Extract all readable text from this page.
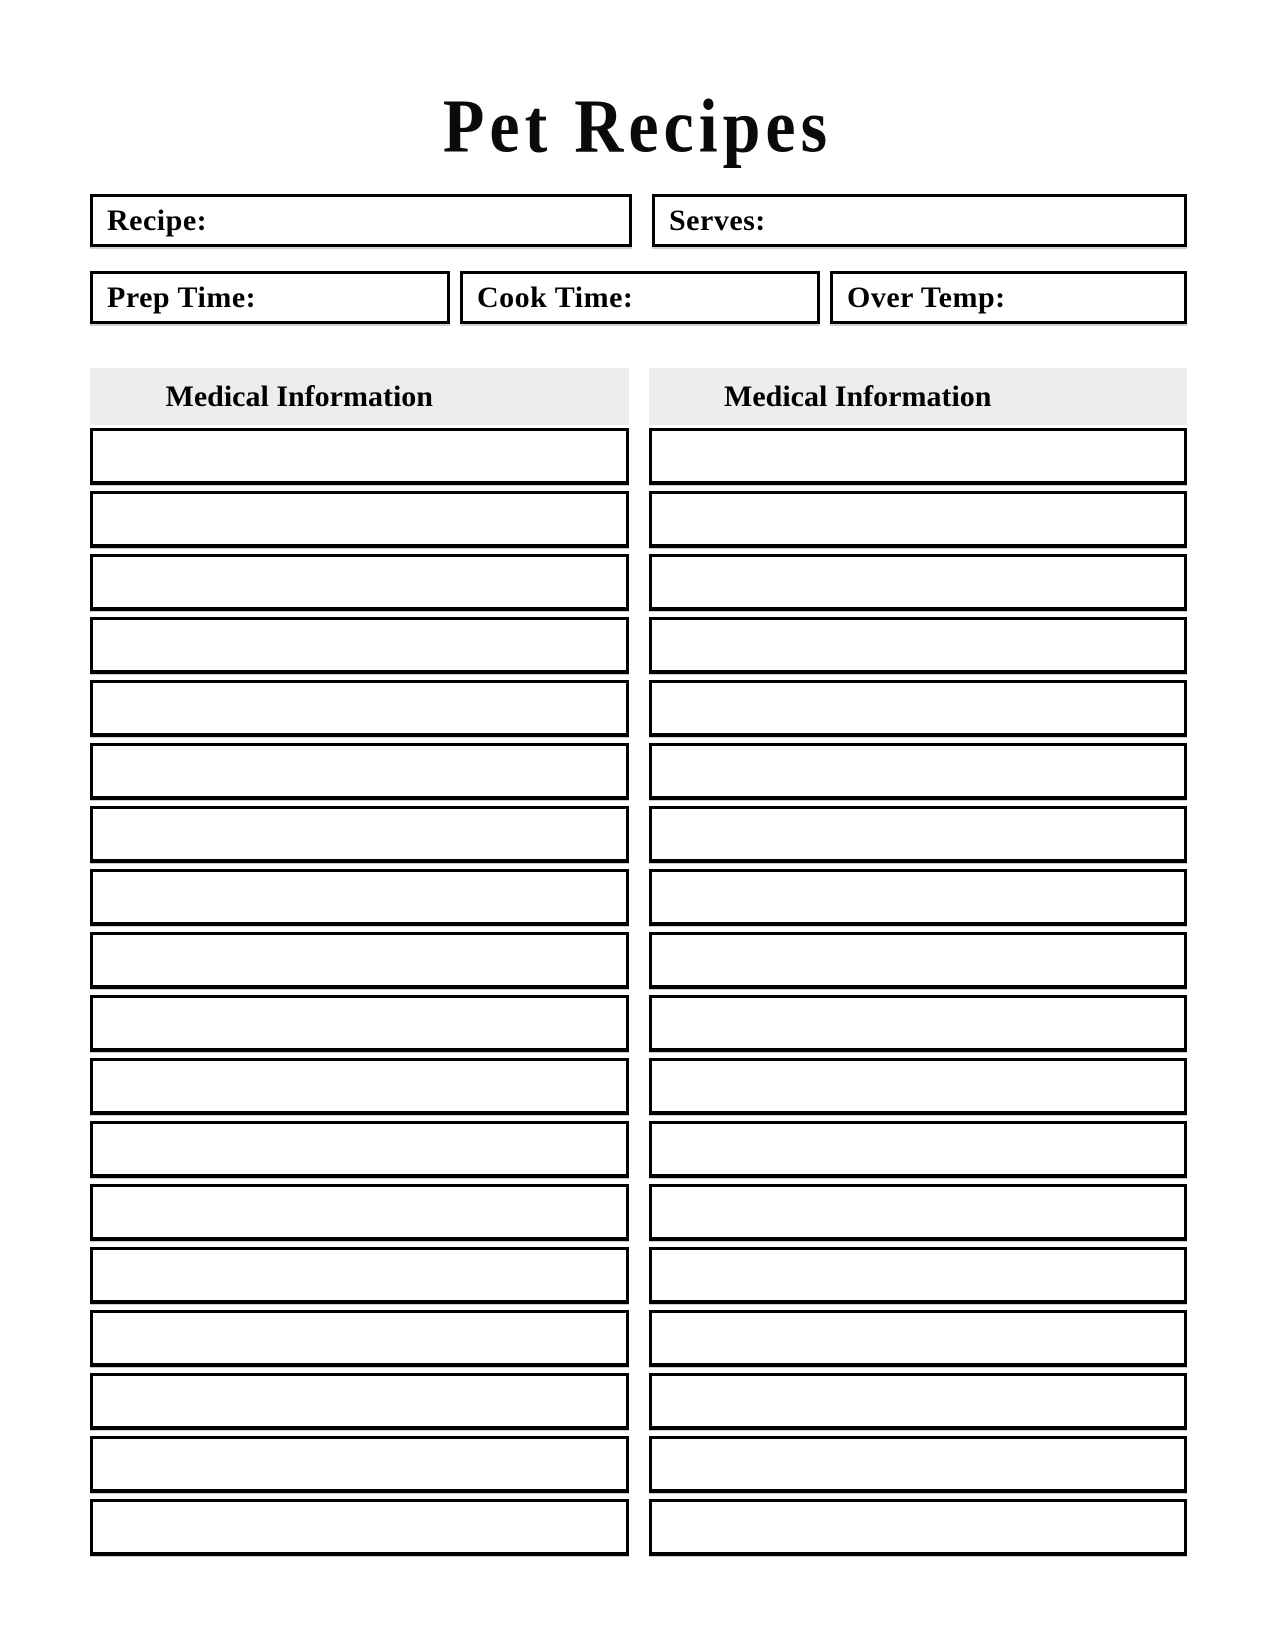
Pet Recipes
Recipe:	Serves:
Prep Time:	Cook Time:	Over Temp:
Medical Information	Medical Information
